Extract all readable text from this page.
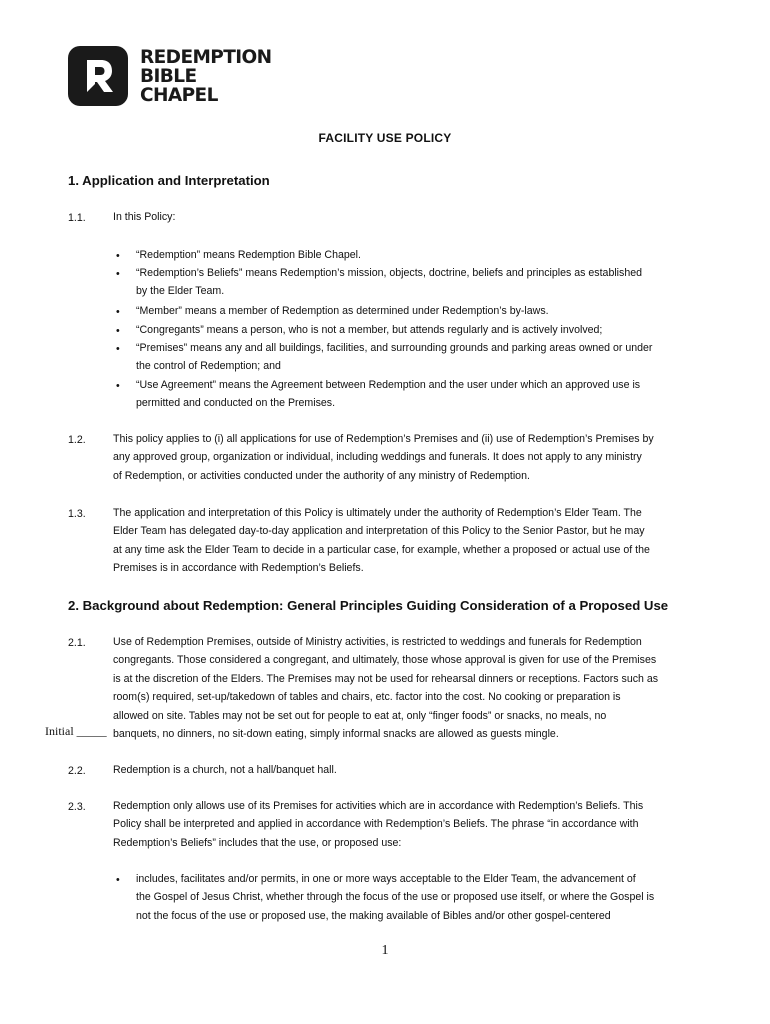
REDEMPTION
BIBLE
CHAPEL
FACILITY USE POLICY
1. Application and Interpretation
1.1.	In this Policy:
• “Redemption” means Redemption Bible Chapel.
• “Redemption’s Beliefs” means Redemption’s mission, objects, doctrine, beliefs and principles as established
by the Elder Team.
• “Member” means a member of Redemption as determined under Redemption’s by-laws.
• “Congregants” means a person, who is not a member, but attends regularly and is actively involved;
• “Premises” means any and all buildings, facilities, and surrounding grounds and parking areas owned or under
the control of Redemption; and
• “Use Agreement” means the Agreement between Redemption and the user under which an approved use is
permitted and conducted on the Premises.
1.2.	This policy applies to (i) all applications for use of Redemption’s Premises and (ii) use of Redemption’s Premises by
any approved group, organization or individual, including weddings and funerals. It does not apply to any ministry
of Redemption, or activities conducted under the authority of any ministry of Redemption.
1.3.	The application and interpretation of this Policy is ultimately under the authority of Redemption’s Elder Team. The
Elder Team has delegated day-to-day application and interpretation of this Policy to the Senior Pastor, but he may
at any time ask the Elder Team to decide in a particular case, for example, whether a proposed or actual use of the
Premises is in accordance with Redemption’s Beliefs.
2. Background about Redemption: General Principles Guiding Consideration of a Proposed Use
2.1.	Use of Redemption Premises, outside of Ministry activities, is restricted to weddings and funerals for Redemption
congregants. Those considered a congregant, and ultimately, those whose approval is given for use of the Premises
is at the discretion of the Elders. The Premises may not be used for rehearsal dinners or receptions. Factors such as
room(s) required, set-up/takedown of tables and chairs, etc. factor into the cost. No cooking or preparation is
allowed on site. Tables may not be set out for people to eat at, only “finger foods” or snacks, no meals, no
banquets, no dinners, no sit-down eating, simply informal snacks are allowed as guests mingle.
Initial _____
2.2.	Redemption is a church, not a hall/banquet hall.
2.3.	Redemption only allows use of its Premises for activities which are in accordance with Redemption’s Beliefs. This
Policy shall be interpreted and applied in accordance with Redemption’s Beliefs. The phrase “in accordance with
Redemption’s Beliefs” includes that the use, or proposed use:
• includes, facilitates and/or permits, in one or more ways acceptable to the Elder Team, the advancement of
the Gospel of Jesus Christ, whether through the focus of the use or proposed use itself, or where the Gospel is
not the focus of the use or proposed use, the making available of Bibles and/or other gospel-centered
1
